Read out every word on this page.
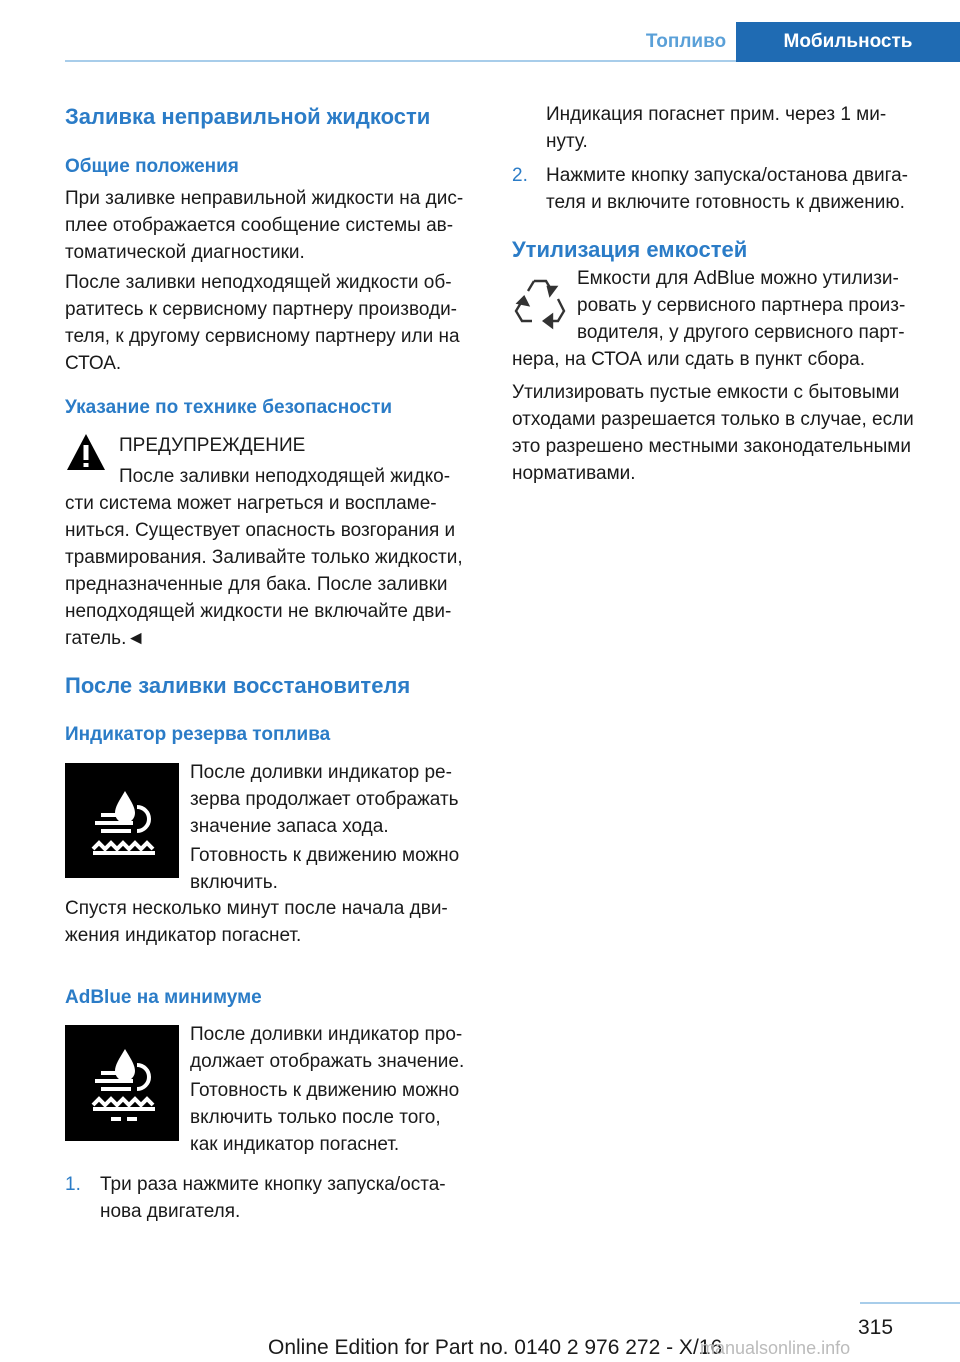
Топливо	Мобильность
Заливка неправильной жидкости
Общие положения
При заливке неправильной жидкости на дис-
плее отображается сообщение системы ав-
томатической диагностики.
После заливки неподходящей жидкости об-
ратитесь к сервисному партнеру производи-
теля, к другому сервисному партнеру или на
СТОА.
Указание по технике безопасности
ПРЕДУПРЕЖДЕНИЕ
После заливки неподходящей жидко-
сти система может нагреться и воспламе-
ниться. Существует опасность возгорания и
травмирования. Заливайте только жидкости,
предназначенные для бака. После заливки
неподходящей жидкости не включайте дви-
гатель.◄
После заливки восстановителя
Индикатор резерва топлива
После доливки индикатор ре-
зерва продолжает отображать
значение запаса хода.
Готовность к движению можно
включить.
Спустя несколько минут после начала дви-
жения индикатор погаснет.
AdBlue на минимуме
После доливки индикатор про-
должает отображать значение.
Готовность к движению можно
включить только после того,
как индикатор погаснет.
1. Три раза нажмите кнопку запуска/оста-
нова двигателя.
Индикация погаснет прим. через 1 ми-
нуту.
2. Нажмите кнопку запуска/останова двига-
теля и включите готовность к движению.
Утилизация емкостей
Емкости для AdBlue можно утилизи-
ровать у сервисного партнера произ-
водителя, у другого сервисного парт-
нера, на СТОА или сдать в пункт сбора.
Утилизировать пустые емкости с бытовыми
отходами разрешается только в случае, если
это разрешено местными законодательными
нормативами.
315
Online Edition for Part no. 0140 2 976 272 - X/16
manualsonline.info
